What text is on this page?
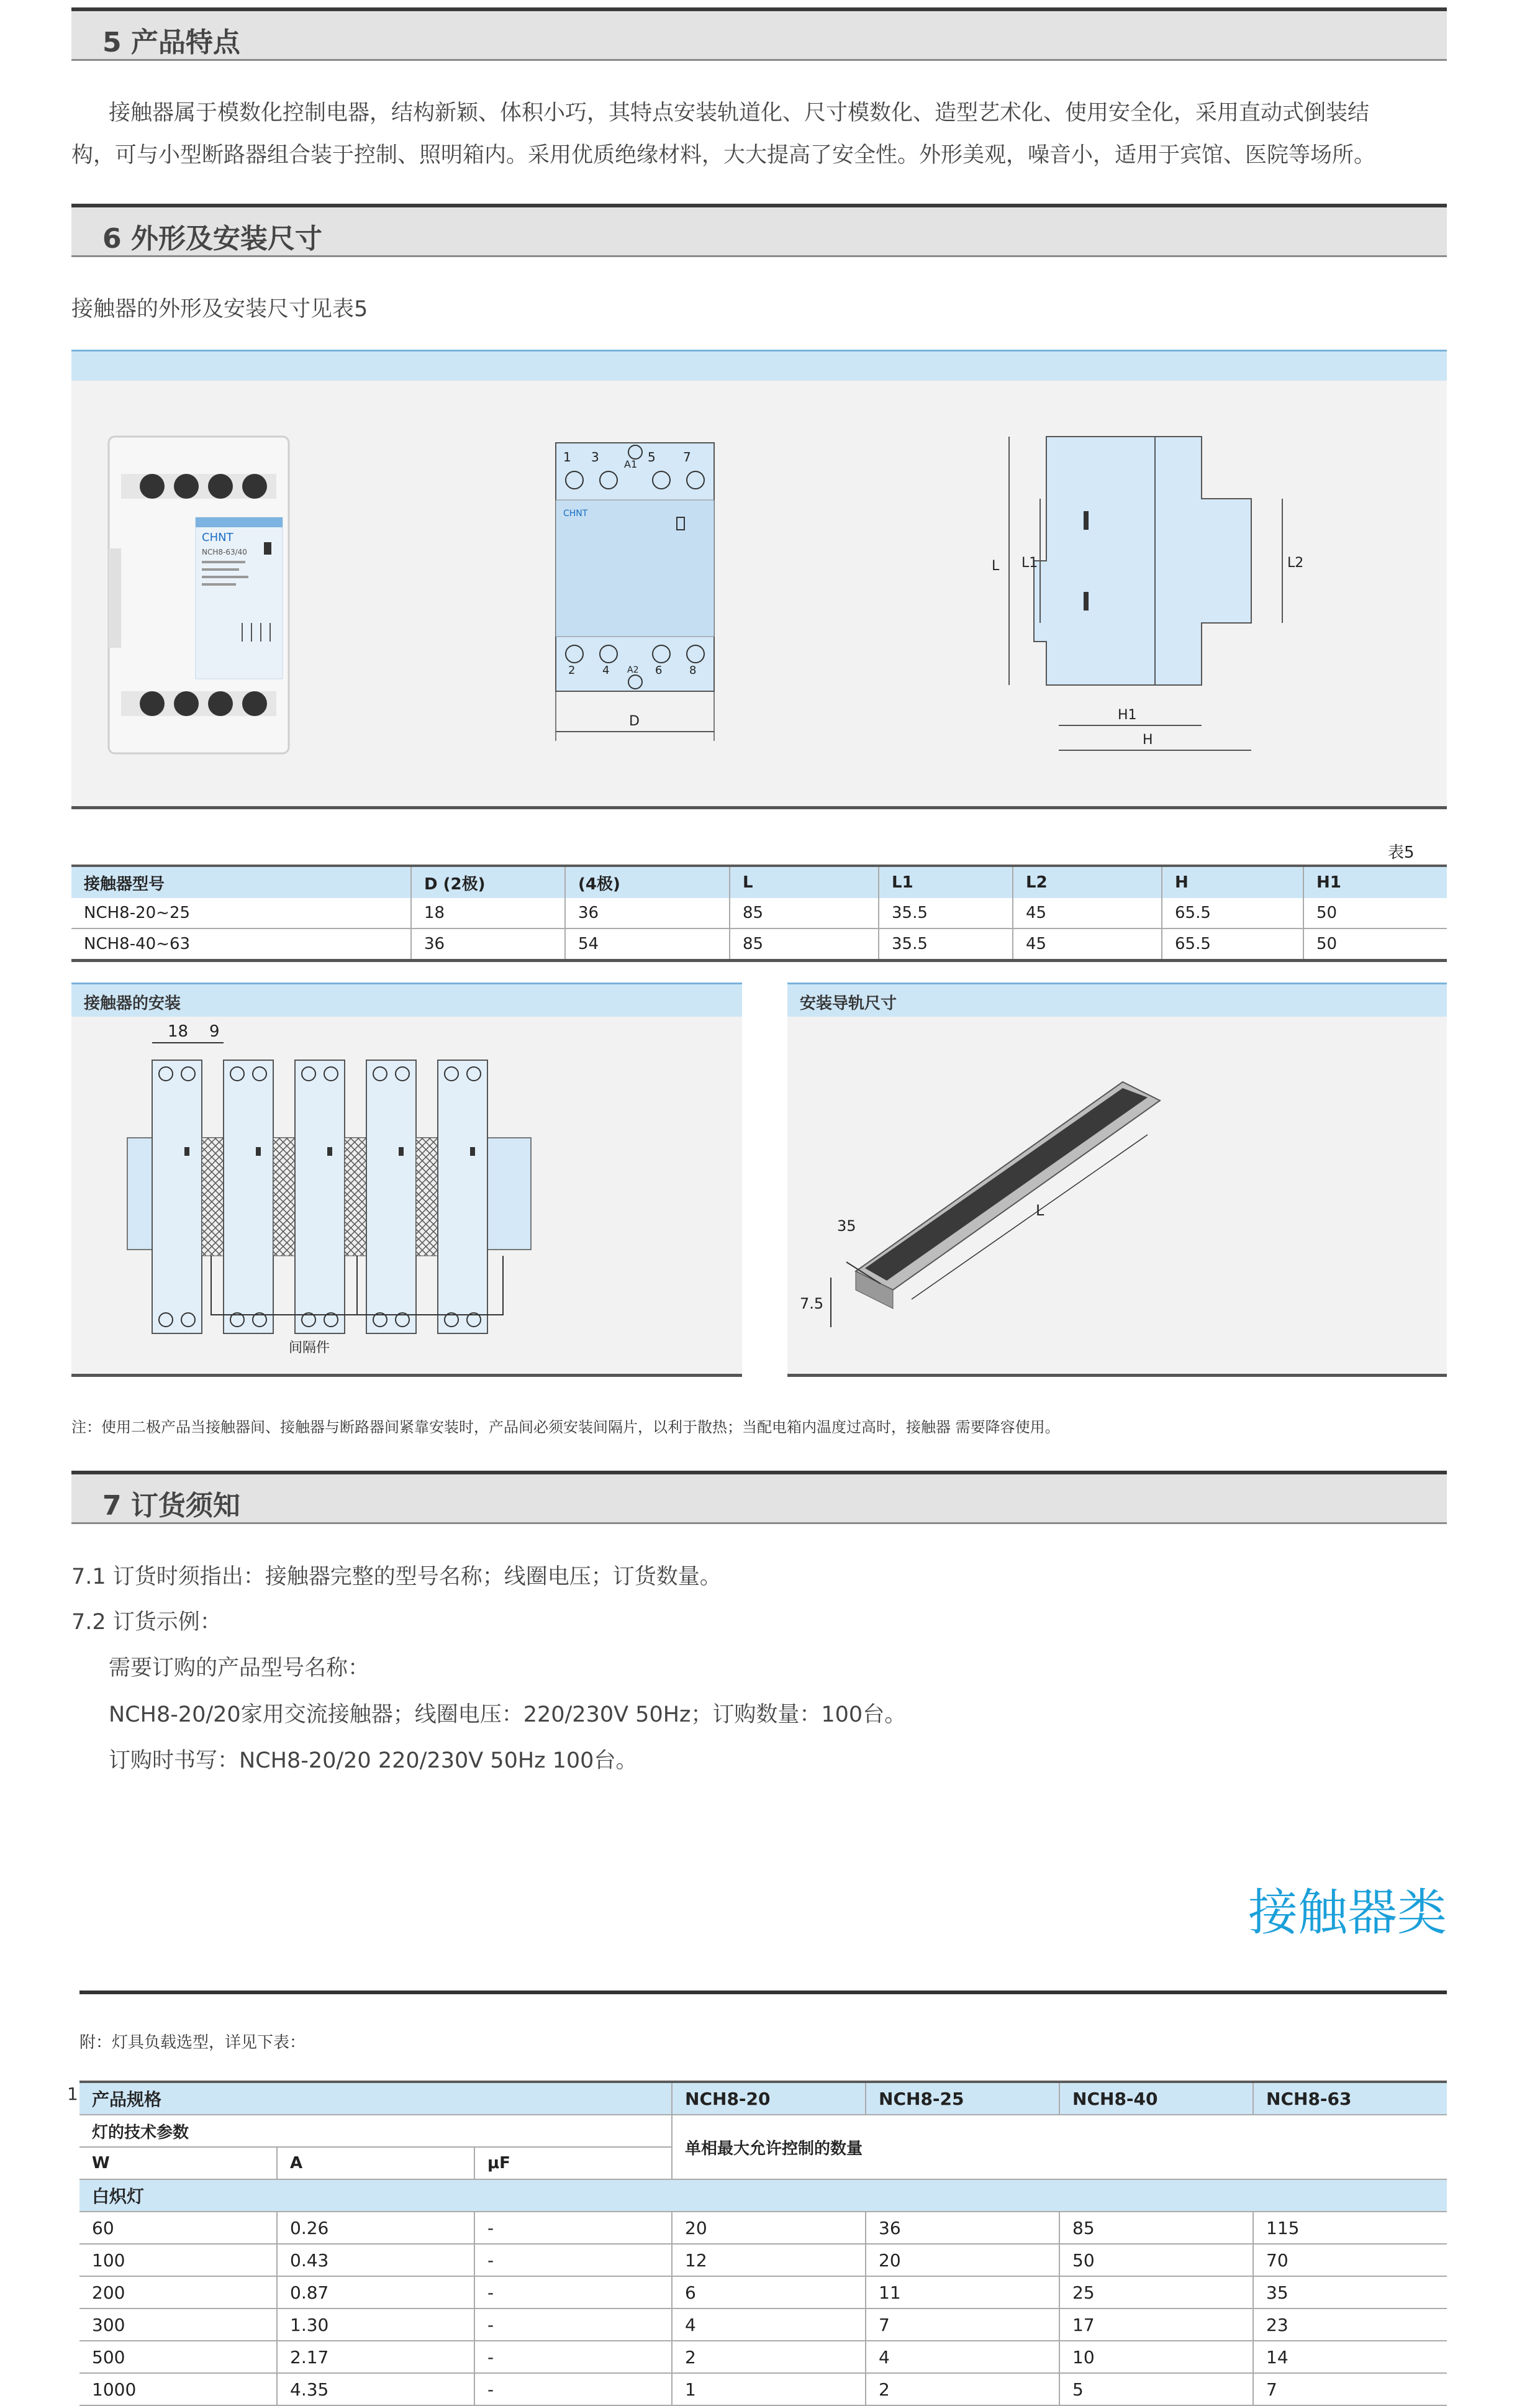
5 产品特点
接触器属于模数化控制电器，结构新颖、体积小巧，其特点安装轨道化、尺寸模数化、造型艺术化、使用安全化，采用直动式倒装结
构，可与小型断路器组合装于控制、照明箱内。采用优质绝缘材料，大大提高了安全性。外形美观，噪音小，适用于宾馆、医院等场所。
6 外形及安装尺寸
接触器的外形及安装尺寸见表5
CHNT
NCH8-63/40
1 3	A1 5 7
CHNT
2 4 A2 6 8
D
L L1	L2
H1
H
表5
接触器型号	D (2极)	(4极)	L	L1	L2	H	H1
NCH8-20~25	18	36	85	35.5	45	65.5	50
NCH8-40~63	36	54	85	35.5	45	65.5	50
接触器的安装
18 9
间隔件
安装导轨尺寸
35
7.5
L
注：使用二极产品当接触器间、接触器与断路器间紧靠安装时，产品间必须安装间隔片，以利于散热；当配电箱内温度过高时，接触器 需要降容使用。
7 订货须知
7.1 订货时须指出：接触器完整的型号名称；线圈电压；订货数量。
7.2 订货示例：
需要订购的产品型号名称：
NCH8-20/20家用交流接触器；线圈电压：220/230V 50Hz；订购数量：100台。
订购时书写：NCH8-20/20 220/230V 50Hz 100台。
接触器类
附：灯具负载选型，详见下表：
1 产品规格			NCH8-20	NCH8-25	NCH8-40	NCH8-63
灯的技术参数			单相最大允许控制的数量			
W	A	μF				
白炽灯						
60	0.26	-	20	36	85	115
100	0.43	-	12	20	50	70
200	0.87	-	6	11	25	35
300	1.30	-	4	7	17	23
500	2.17	-	2	4	10	14
1000	4.35	-	1	2	5	7
